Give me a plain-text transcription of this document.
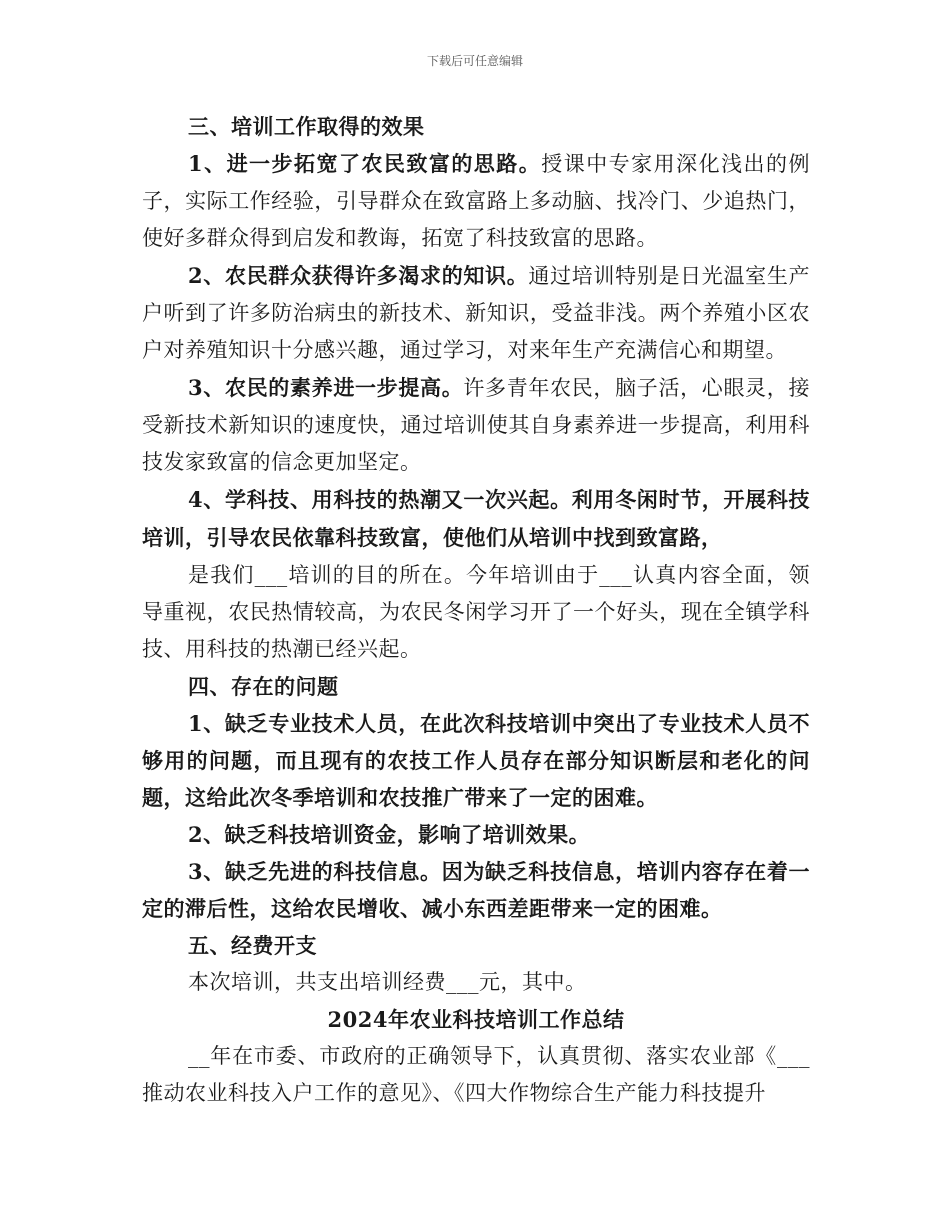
下载后可任意编辑

三、培训工作取得的效果

1、进一步拓宽了农民致富的思路。授课中专家用深化浅出的例子，实际工作经验，引导群众在致富路上多动脑、找冷门、少追热门，使好多群众得到启发和教诲，拓宽了科技致富的思路。

2、农民群众获得许多渴求的知识。通过培训特别是日光温室生产户听到了许多防治病虫的新技术、新知识，受益非浅。两个养殖小区农户对养殖知识十分感兴趣，通过学习，对来年生产充满信心和期望。

3、农民的素养进一步提高。许多青年农民，脑子活，心眼灵，接受新技术新知识的速度快，通过培训使其自身素养进一步提高，利用科技发家致富的信念更加坚定。

4、学科技、用科技的热潮又一次兴起。利用冬闲时节，开展科技培训，引导农民依靠科技致富，使他们从培训中找到致富路，

是我们___培训的目的所在。今年培训由于___认真内容全面，领导重视，农民热情较高，为农民冬闲学习开了一个好头，现在全镇学科技、用科技的热潮已经兴起。

四、存在的问题

1、缺乏专业技术人员，在此次科技培训中突出了专业技术人员不够用的问题，而且现有的农技工作人员存在部分知识断层和老化的问题，这给此次冬季培训和农技推广带来了一定的困难。

2、缺乏科技培训资金，影响了培训效果。

3、缺乏先进的科技信息。因为缺乏科技信息，培训内容存在着一定的滞后性，这给农民增收、减小东西差距带来一定的困难。

五、经费开支

本次培训，共支出培训经费___元，其中。

2024年农业科技培训工作总结

__年在市委、市政府的正确领导下，认真贯彻、落实农业部《___推动农业科技入户工作的意见》、《四大作物综合生产能力科技提升
